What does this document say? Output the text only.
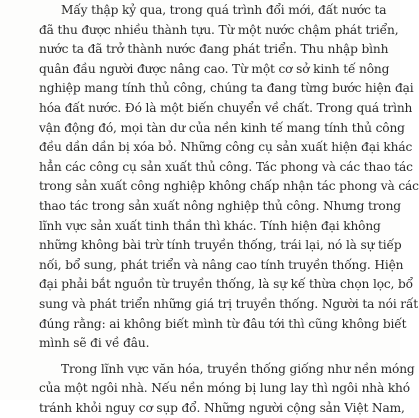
Mấy thập kỷ qua, trong quá trình đổi mới, đất nước ta
đã thu được nhiều thành tựu. Từ một nước chậm phát triển,
nước ta đã trở thành nước đang phát triển. Thu nhập bình
quân đầu người được nâng cao. Từ một cơ sở kinh tế nông
nghiệp mang tính thủ công, chúng ta đang từng bước hiện đại
hóa đất nước. Đó là một biến chuyển về chất. Trong quá trình
vận động đó, mọi tàn dư của nền kinh tế mang tính thủ công
đều dần dần bị xóa bỏ. Những công cụ sản xuất hiện đại khác
hẳn các công cụ sản xuất thủ công. Tác phong và các thao tác
trong sản xuất công nghiệp không chấp nhận tác phong và các
thao tác trong sản xuất nông nghiệp thủ công. Nhưng trong
lĩnh vực sản xuất tinh thần thì khác. Tính hiện đại không
những không bài trừ tính truyền thống, trái lại, nó là sự tiếp
nối, bổ sung, phát triển và nâng cao tính truyền thống. Hiện
đại phải bắt nguồn từ truyền thống, là sự kế thừa chọn lọc, bổ
sung và phát triển những giá trị truyền thống. Người ta nói rất
đúng rằng: ai không biết mình từ đâu tới thì cũng không biết
mình sẽ đi về đâu.
Trong lĩnh vực văn hóa, truyền thống giống như nền móng
của một ngôi nhà. Nếu nền móng bị lung lay thì ngôi nhà khó
tránh khỏi nguy cơ sụp đổ. Những người cộng sản Việt Nam,
